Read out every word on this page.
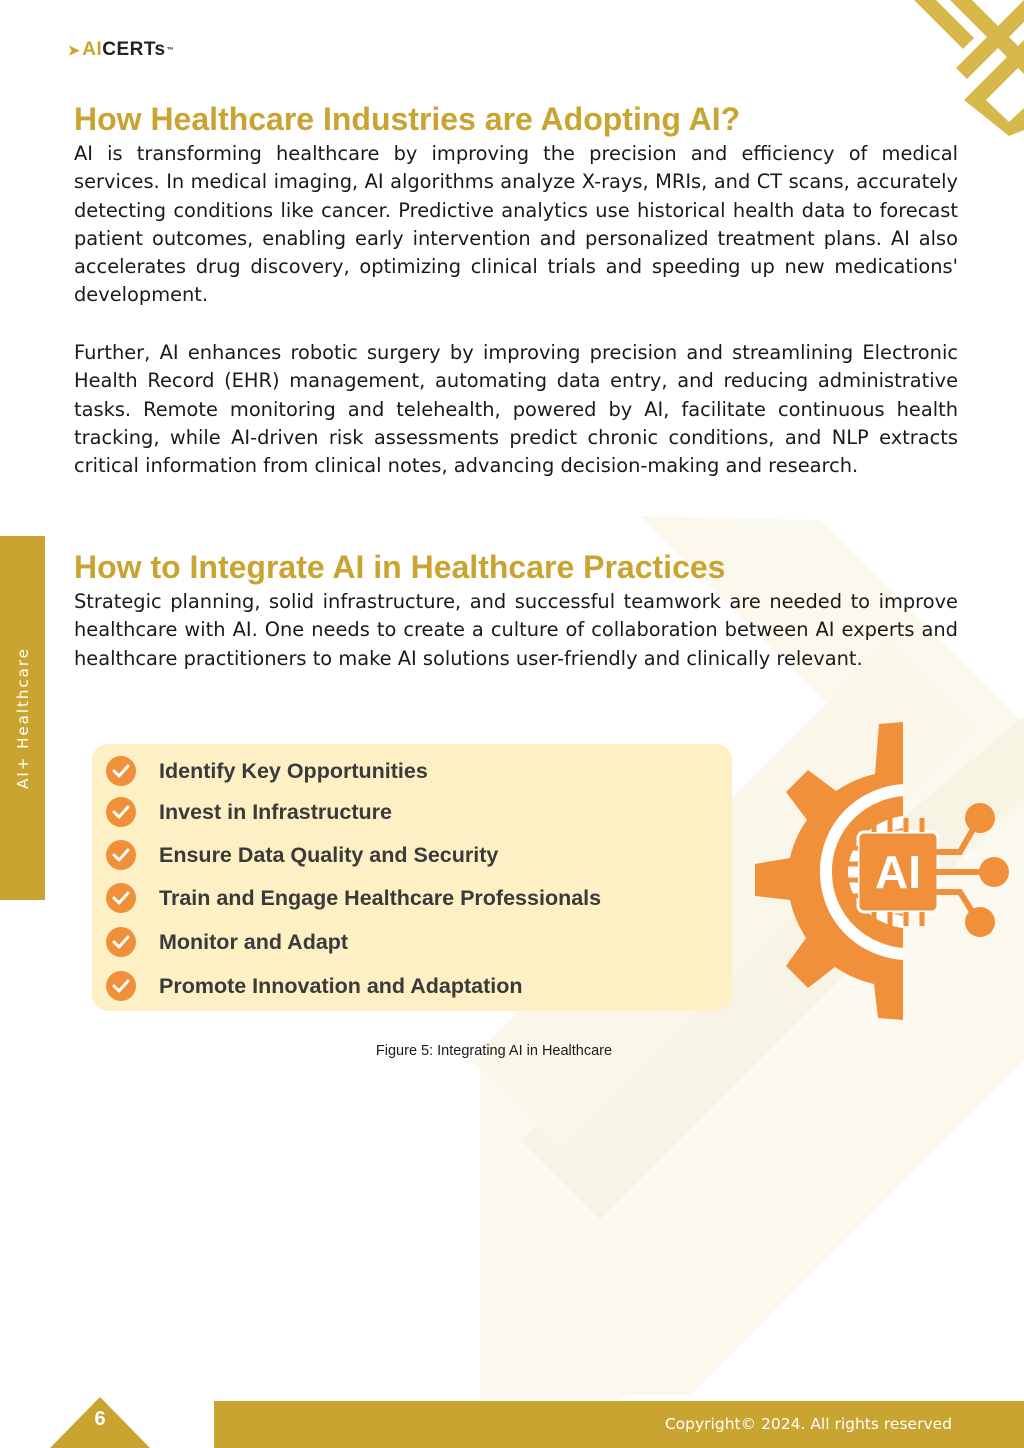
➤ AI CERTs ™
AI+ Healthcare
How Healthcare Industries are Adopting AI?

AI is transforming healthcare by improving the precision and efficiency of medical services. In medical imaging, AI algorithms analyze X-rays, MRIs, and CT scans, accurately detecting conditions like cancer. Predictive analytics use historical health data to forecast patient outcomes, enabling early intervention and personalized treatment plans. AI also accelerates drug discovery, optimizing clinical trials and speeding up new medications' development.

Further, AI enhances robotic surgery by improving precision and streamlining Electronic Health Record (EHR) management, automating data entry, and reducing administrative tasks. Remote monitoring and telehealth, powered by AI, facilitate continuous health tracking, while AI-driven risk assessments predict chronic conditions, and NLP extracts critical information from clinical notes, advancing decision-making and research.

How to Integrate AI in Healthcare Practices

Strategic planning, solid infrastructure, and successful teamwork are needed to improve healthcare with AI. One needs to create a culture of collaboration between AI experts and healthcare practitioners to make AI solutions user-friendly and clinically relevant.

Identify Key Opportunities
Invest in Infrastructure
Ensure Data Quality and Security
Train and Engage Healthcare Professionals
Monitor and Adapt
Promote Innovation and Adaptation
AI
Figure 5: Integrating AI in Healthcare
6	Copyright© 2024. All rights reserved
